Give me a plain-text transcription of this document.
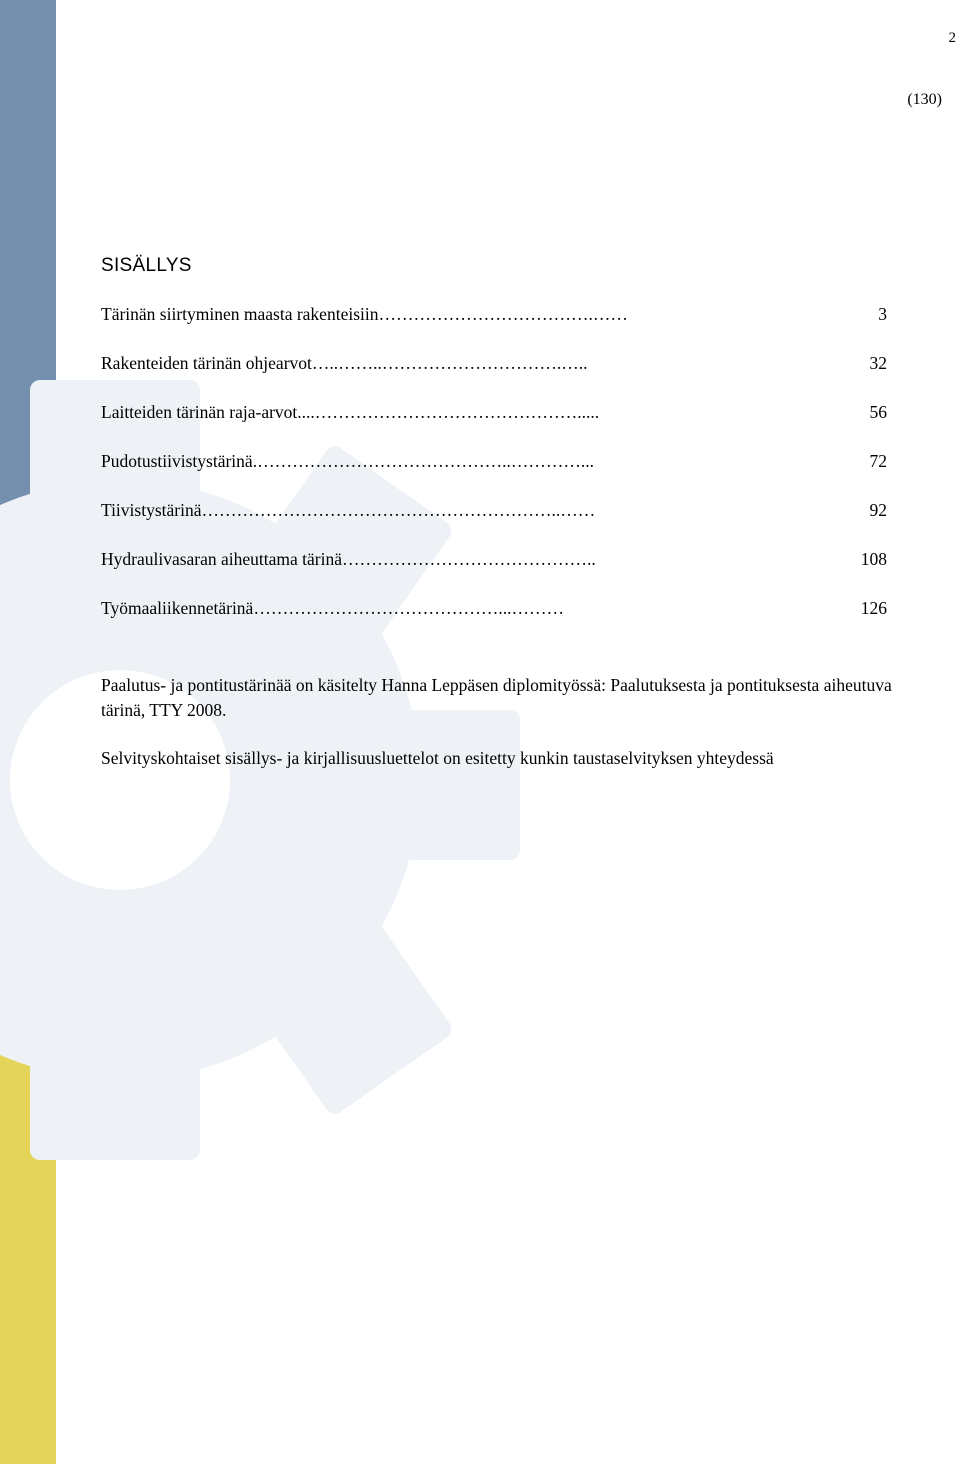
2
(130)
SISÄLLYS
Tärinän siirtyminen maasta rakenteisiin ……………………………….……	3
Rakenteiden tärinän ohjearvot …..……..………………………….…..	32
Laitteiden tärinän raja-arvot ....……………………………………….....	56
Pudotustiivistystärinä .……………………………………..…………...	72
Tiivistystärinä ……………………………………………………..……	92
Hydraulivasaran aiheuttama tärinä ……………………………………..	108
Työmaaliikennetärinä ……………………………………...………	126

Paalutus- ja pontitustärinää on käsitelty Hanna Leppäsen diplomityössä: Paalutuksesta ja pontituksesta aiheutuva tärinä, TTY 2008.

Selvityskohtaiset sisällys- ja kirjallisuusluettelot on esitetty kunkin taustaselvityksen yhteydessä
